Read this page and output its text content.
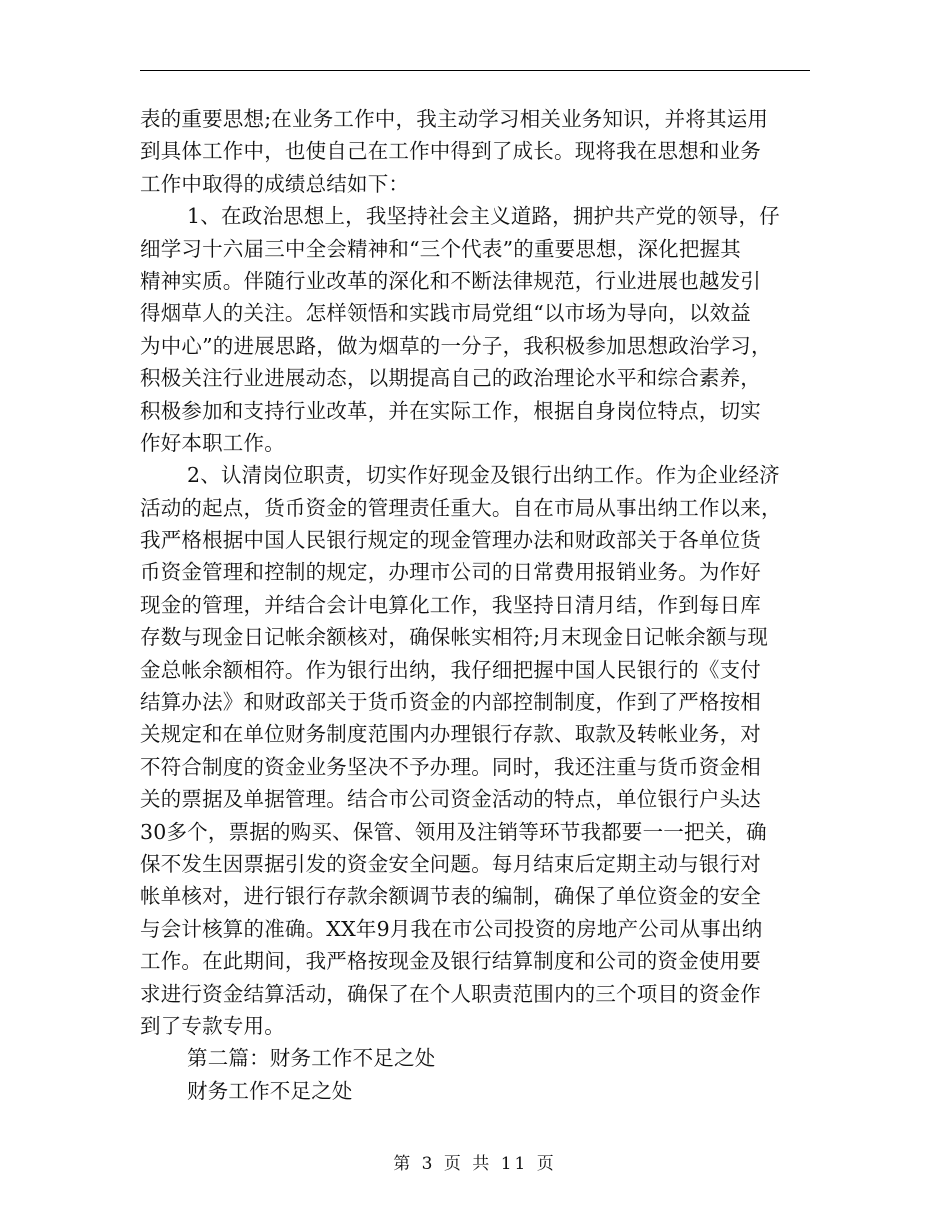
表的重要思想;在业务工作中，我主动学习相关业务知识，并将其运用
到具体工作中，也使自己在工作中得到了成长。现将我在思想和业务
工作中取得的成绩总结如下：
1、在政治思想上，我坚持社会主义道路，拥护共产党的领导，仔
细学习十六届三中全会精神和“三个代表”的重要思想，深化把握其
精神实质。伴随行业改革的深化和不断法律规范，行业进展也越发引
得烟草人的关注。怎样领悟和实践市局党组“以市场为导向，以效益
为中心”的进展思路，做为烟草的一分子，我积极参加思想政治学习，
积极关注行业进展动态，以期提高自己的政治理论水平和综合素养，
积极参加和支持行业改革，并在实际工作，根据自身岗位特点，切实
作好本职工作。
2、认清岗位职责，切实作好现金及银行出纳工作。作为企业经济
活动的起点，货币资金的管理责任重大。自在市局从事出纳工作以来，
我严格根据中国人民银行规定的现金管理办法和财政部关于各单位货
币资金管理和控制的规定，办理市公司的日常费用报销业务。为作好
现金的管理，并结合会计电算化工作，我坚持日清月结，作到每日库
存数与现金日记帐余额核对，确保帐实相符;月末现金日记帐余额与现
金总帐余额相符。作为银行出纳，我仔细把握中国人民银行的《支付
结算办法》和财政部关于货币资金的内部控制制度，作到了严格按相
关规定和在单位财务制度范围内办理银行存款、取款及转帐业务，对
不符合制度的资金业务坚决不予办理。同时，我还注重与货币资金相
关的票据及单据管理。结合市公司资金活动的特点，单位银行户头达
30多个，票据的购买、保管、领用及注销等环节我都要一一把关，确
保不发生因票据引发的资金安全问题。每月结束后定期主动与银行对
帐单核对，进行银行存款余额调节表的编制，确保了单位资金的安全
与会计核算的准确。XX年9月我在市公司投资的房地产公司从事出纳
工作。在此期间，我严格按现金及银行结算制度和公司的资金使用要
求进行资金结算活动，确保了在个人职责范围内的三个项目的资金作
到了专款专用。
第二篇：财务工作不足之处
财务工作不足之处
第 3 页 共 11 页
